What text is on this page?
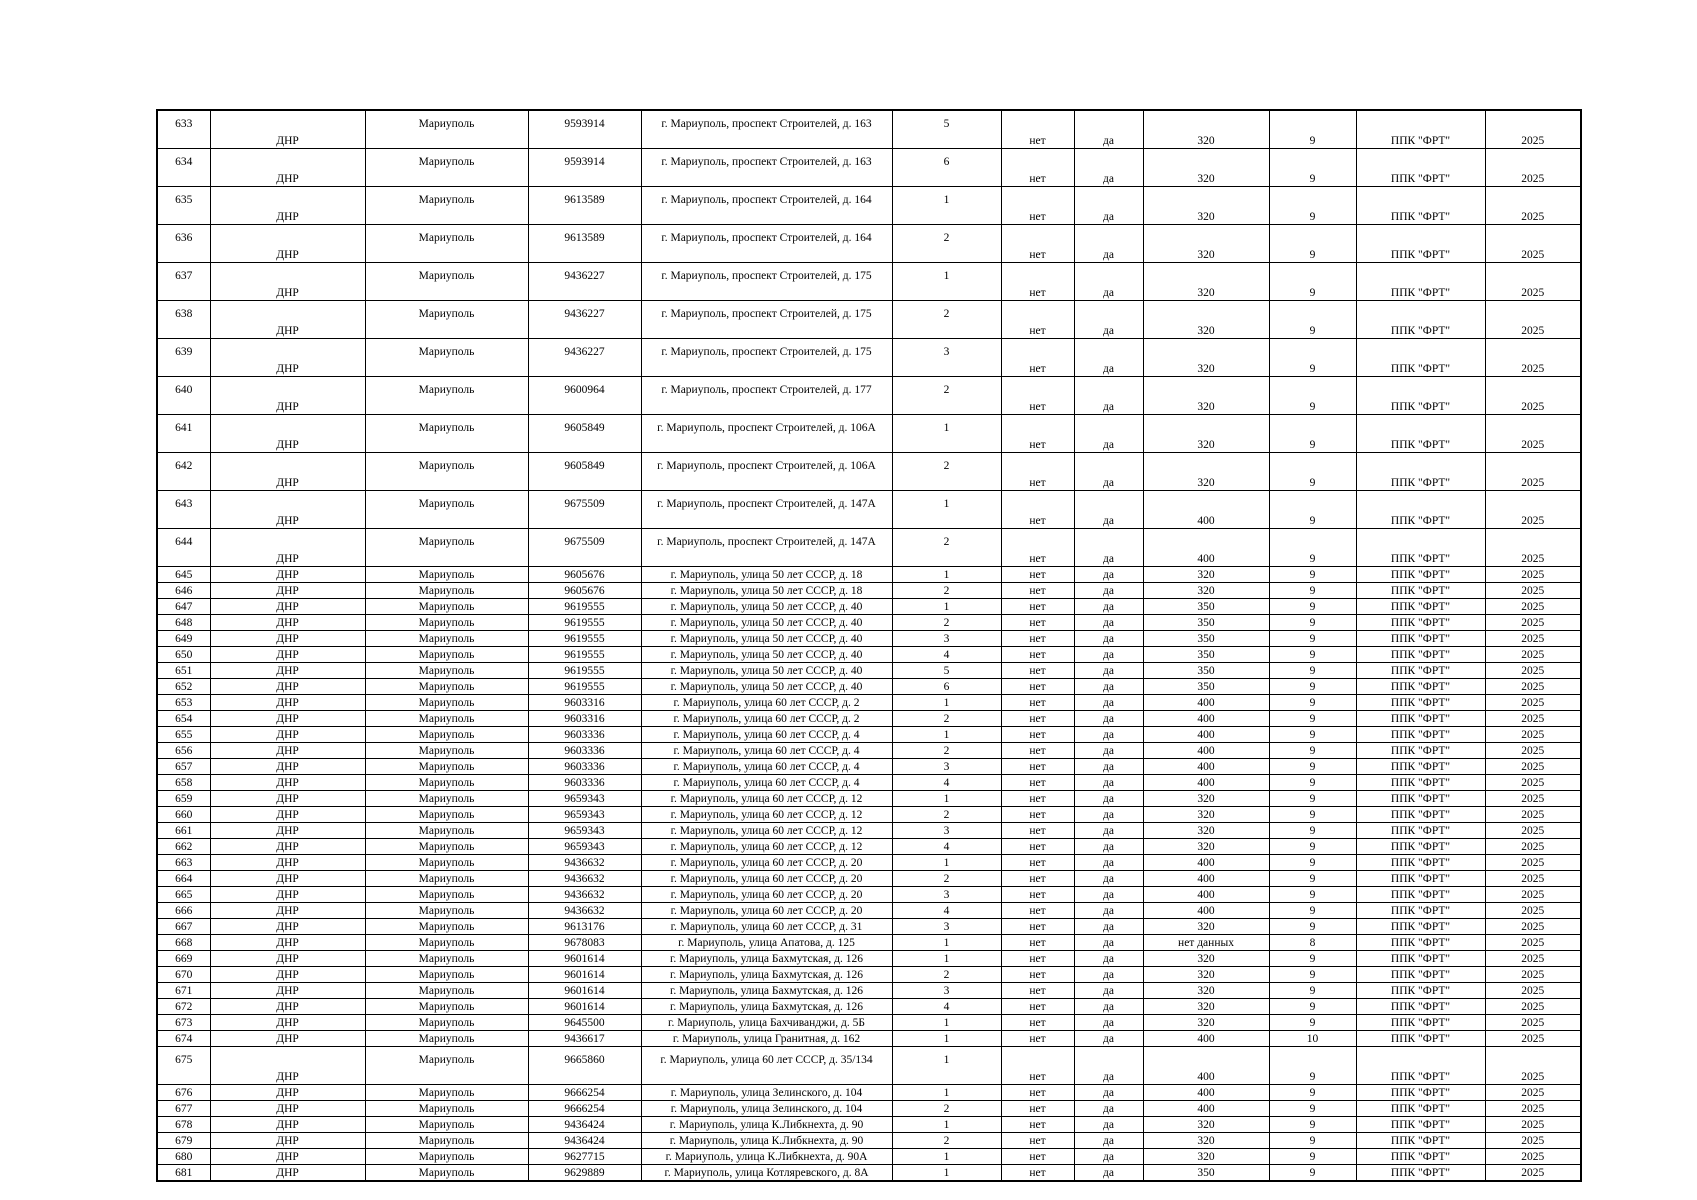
633	ДНР	Мариуполь	9593914	г. Мариуполь, проспект Строителей, д. 163	5	нет	да	320	9	ППК "ФРТ"	2025
634	ДНР	Мариуполь	9593914	г. Мариуполь, проспект Строителей, д. 163	6	нет	да	320	9	ППК "ФРТ"	2025
635	ДНР	Мариуполь	9613589	г. Мариуполь, проспект Строителей, д. 164	1	нет	да	320	9	ППК "ФРТ"	2025
636	ДНР	Мариуполь	9613589	г. Мариуполь, проспект Строителей, д. 164	2	нет	да	320	9	ППК "ФРТ"	2025
637	ДНР	Мариуполь	9436227	г. Мариуполь, проспект Строителей, д. 175	1	нет	да	320	9	ППК "ФРТ"	2025
638	ДНР	Мариуполь	9436227	г. Мариуполь, проспект Строителей, д. 175	2	нет	да	320	9	ППК "ФРТ"	2025
639	ДНР	Мариуполь	9436227	г. Мариуполь, проспект Строителей, д. 175	3	нет	да	320	9	ППК "ФРТ"	2025
640	ДНР	Мариуполь	9600964	г. Мариуполь, проспект Строителей, д. 177	2	нет	да	320	9	ППК "ФРТ"	2025
641	ДНР	Мариуполь	9605849	г. Мариуполь, проспект Строителей, д. 106А	1	нет	да	320	9	ППК "ФРТ"	2025
642	ДНР	Мариуполь	9605849	г. Мариуполь, проспект Строителей, д. 106А	2	нет	да	320	9	ППК "ФРТ"	2025
643	ДНР	Мариуполь	9675509	г. Мариуполь, проспект Строителей, д. 147А	1	нет	да	400	9	ППК "ФРТ"	2025
644	ДНР	Мариуполь	9675509	г. Мариуполь, проспект Строителей, д. 147А	2	нет	да	400	9	ППК "ФРТ"	2025
645	ДНР	Мариуполь	9605676	г. Мариуполь, улица 50 лет СССР, д. 18	1	нет	да	320	9	ППК "ФРТ"	2025
646	ДНР	Мариуполь	9605676	г. Мариуполь, улица 50 лет СССР, д. 18	2	нет	да	320	9	ППК "ФРТ"	2025
647	ДНР	Мариуполь	9619555	г. Мариуполь, улица 50 лет СССР, д. 40	1	нет	да	350	9	ППК "ФРТ"	2025
648	ДНР	Мариуполь	9619555	г. Мариуполь, улица 50 лет СССР, д. 40	2	нет	да	350	9	ППК "ФРТ"	2025
649	ДНР	Мариуполь	9619555	г. Мариуполь, улица 50 лет СССР, д. 40	3	нет	да	350	9	ППК "ФРТ"	2025
650	ДНР	Мариуполь	9619555	г. Мариуполь, улица 50 лет СССР, д. 40	4	нет	да	350	9	ППК "ФРТ"	2025
651	ДНР	Мариуполь	9619555	г. Мариуполь, улица 50 лет СССР, д. 40	5	нет	да	350	9	ППК "ФРТ"	2025
652	ДНР	Мариуполь	9619555	г. Мариуполь, улица 50 лет СССР, д. 40	6	нет	да	350	9	ППК "ФРТ"	2025
653	ДНР	Мариуполь	9603316	г. Мариуполь, улица 60 лет СССР, д. 2	1	нет	да	400	9	ППК "ФРТ"	2025
654	ДНР	Мариуполь	9603316	г. Мариуполь, улица 60 лет СССР, д. 2	2	нет	да	400	9	ППК "ФРТ"	2025
655	ДНР	Мариуполь	9603336	г. Мариуполь, улица 60 лет СССР, д. 4	1	нет	да	400	9	ППК "ФРТ"	2025
656	ДНР	Мариуполь	9603336	г. Мариуполь, улица 60 лет СССР, д. 4	2	нет	да	400	9	ППК "ФРТ"	2025
657	ДНР	Мариуполь	9603336	г. Мариуполь, улица 60 лет СССР, д. 4	3	нет	да	400	9	ППК "ФРТ"	2025
658	ДНР	Мариуполь	9603336	г. Мариуполь, улица 60 лет СССР, д. 4	4	нет	да	400	9	ППК "ФРТ"	2025
659	ДНР	Мариуполь	9659343	г. Мариуполь, улица 60 лет СССР, д. 12	1	нет	да	320	9	ППК "ФРТ"	2025
660	ДНР	Мариуполь	9659343	г. Мариуполь, улица 60 лет СССР, д. 12	2	нет	да	320	9	ППК "ФРТ"	2025
661	ДНР	Мариуполь	9659343	г. Мариуполь, улица 60 лет СССР, д. 12	3	нет	да	320	9	ППК "ФРТ"	2025
662	ДНР	Мариуполь	9659343	г. Мариуполь, улица 60 лет СССР, д. 12	4	нет	да	320	9	ППК "ФРТ"	2025
663	ДНР	Мариуполь	9436632	г. Мариуполь, улица 60 лет СССР, д. 20	1	нет	да	400	9	ППК "ФРТ"	2025
664	ДНР	Мариуполь	9436632	г. Мариуполь, улица 60 лет СССР, д. 20	2	нет	да	400	9	ППК "ФРТ"	2025
665	ДНР	Мариуполь	9436632	г. Мариуполь, улица 60 лет СССР, д. 20	3	нет	да	400	9	ППК "ФРТ"	2025
666	ДНР	Мариуполь	9436632	г. Мариуполь, улица 60 лет СССР, д. 20	4	нет	да	400	9	ППК "ФРТ"	2025
667	ДНР	Мариуполь	9613176	г. Мариуполь, улица 60 лет СССР, д. 31	3	нет	да	320	9	ППК "ФРТ"	2025
668	ДНР	Мариуполь	9678083	г. Мариуполь, улица Апатова, д. 125	1	нет	да	нет данных	8	ППК "ФРТ"	2025
669	ДНР	Мариуполь	9601614	г. Мариуполь, улица Бахмутская, д. 126	1	нет	да	320	9	ППК "ФРТ"	2025
670	ДНР	Мариуполь	9601614	г. Мариуполь, улица Бахмутская, д. 126	2	нет	да	320	9	ППК "ФРТ"	2025
671	ДНР	Мариуполь	9601614	г. Мариуполь, улица Бахмутская, д. 126	3	нет	да	320	9	ППК "ФРТ"	2025
672	ДНР	Мариуполь	9601614	г. Мариуполь, улица Бахмутская, д. 126	4	нет	да	320	9	ППК "ФРТ"	2025
673	ДНР	Мариуполь	9645500	г. Мариуполь, улица Бахчиванджи, д. 5Б	1	нет	да	320	9	ППК "ФРТ"	2025
674	ДНР	Мариуполь	9436617	г. Мариуполь, улица Гранитная, д. 162	1	нет	да	400	10	ППК "ФРТ"	2025
675	ДНР	Мариуполь	9665860	г. Мариуполь, улица 60 лет СССР, д. 35/134	1	нет	да	400	9	ППК "ФРТ"	2025
676	ДНР	Мариуполь	9666254	г. Мариуполь, улица Зелинского, д. 104	1	нет	да	400	9	ППК "ФРТ"	2025
677	ДНР	Мариуполь	9666254	г. Мариуполь, улица Зелинского, д. 104	2	нет	да	400	9	ППК "ФРТ"	2025
678	ДНР	Мариуполь	9436424	г. Мариуполь, улица К.Либкнехта, д. 90	1	нет	да	320	9	ППК "ФРТ"	2025
679	ДНР	Мариуполь	9436424	г. Мариуполь, улица К.Либкнехта, д. 90	2	нет	да	320	9	ППК "ФРТ"	2025
680	ДНР	Мариуполь	9627715	г. Мариуполь, улица К.Либкнехта, д. 90А	1	нет	да	320	9	ППК "ФРТ"	2025
681	ДНР	Мариуполь	9629889	г. Мариуполь, улица Котляревского, д. 8А	1	нет	да	350	9	ППК "ФРТ"	2025
